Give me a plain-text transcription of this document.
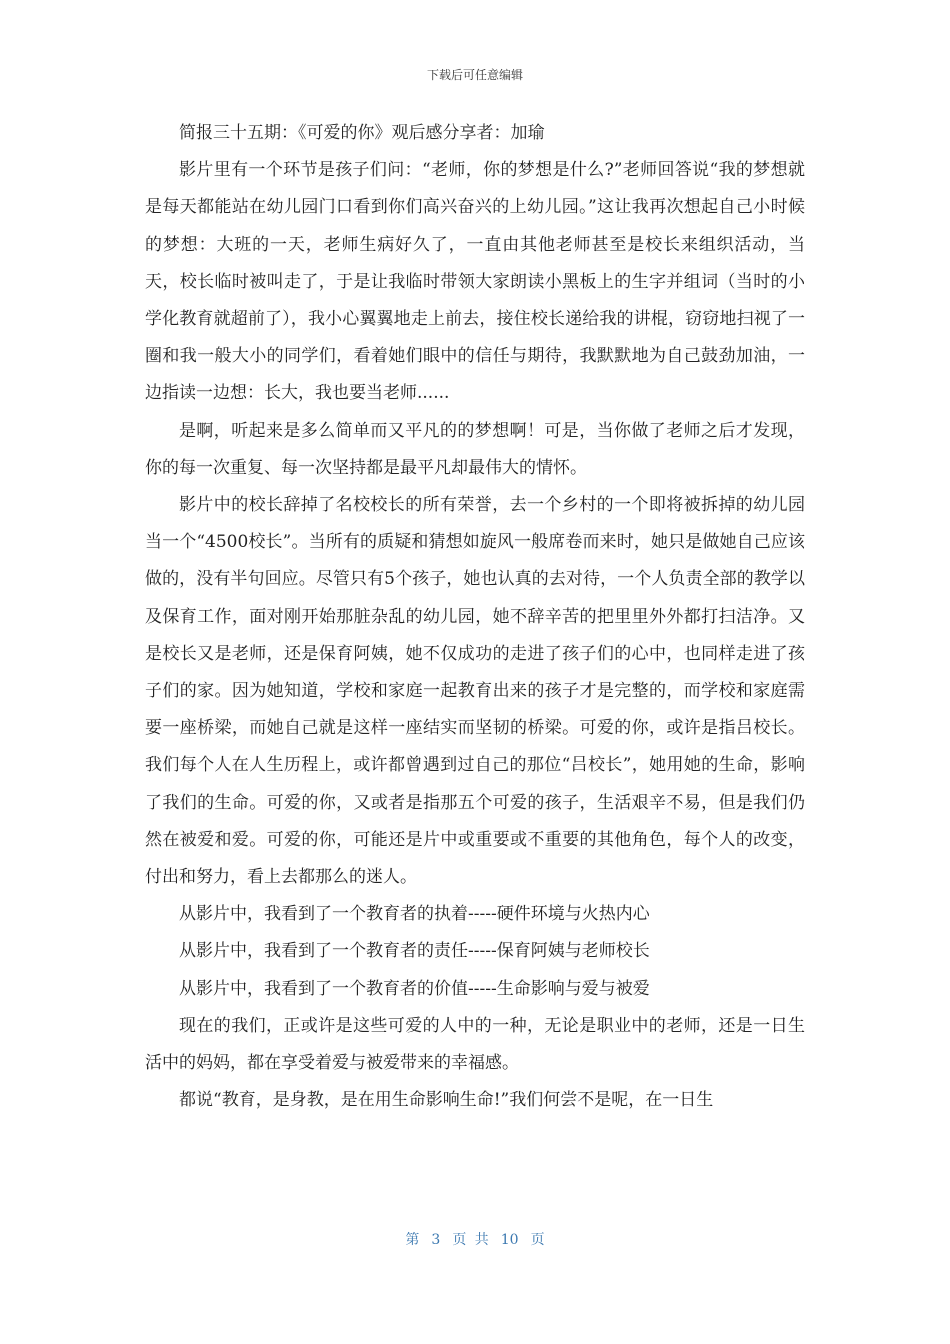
下载后可任意编辑

简报三十五期：《可爱的你》观后感分享者：加瑜

影片里有一个环节是孩子们问：“老师，你的梦想是什么?”老师回答说“我的梦想就是每天都能站在幼儿园门口看到你们高兴奋兴的上幼儿园。”这让我再次想起自己小时候的梦想：大班的一天，老师生病好久了，一直由其他老师甚至是校长来组织活动，当天，校长临时被叫走了，于是让我临时带领大家朗读小黑板上的生字并组词（当时的小学化教育就超前了），我小心翼翼地走上前去，接住校长递给我的讲棍，窃窃地扫视了一圈和我一般大小的同学们，看着她们眼中的信任与期待，我默默地为自己鼓劲加油，一边指读一边想：长大，我也要当老师......

是啊，听起来是多么简单而又平凡的的梦想啊！可是，当你做了老师之后才发现，你的每一次重复、每一次坚持都是最平凡却最伟大的情怀。

影片中的校长辞掉了名校校长的所有荣誉，去一个乡村的一个即将被拆掉的幼儿园当一个“4500校长”。当所有的质疑和猜想如旋风一般席卷而来时，她只是做她自己应该做的，没有半句回应。尽管只有5个孩子，她也认真的去对待，一个人负责全部的教学以及保育工作，面对刚开始那脏杂乱的幼儿园，她不辞辛苦的把里里外外都打扫洁净。又是校长又是老师，还是保育阿姨，她不仅成功的走进了孩子们的心中，也同样走进了孩子们的家。因为她知道，学校和家庭一起教育出来的孩子才是完整的，而学校和家庭需要一座桥梁，而她自己就是这样一座结实而坚韧的桥梁。可爱的你，或许是指吕校长。我们每个人在人生历程上，或许都曾遇到过自己的那位“吕校长”，她用她的生命，影响了我们的生命。可爱的你，又或者是指那五个可爱的孩子，生活艰辛不易，但是我们仍然在被爱和爱。可爱的你，可能还是片中或重要或不重要的其他角色，每个人的改变，付出和努力，看上去都那么的迷人。

从影片中，我看到了一个教育者的执着-----硬件环境与火热内心

从影片中，我看到了一个教育者的责任-----保育阿姨与老师校长

从影片中，我看到了一个教育者的价值-----生命影响与爱与被爱

现在的我们，正或许是这些可爱的人中的一种，无论是职业中的老师，还是一日生活中的妈妈，都在享受着爱与被爱带来的幸福感。

都说“教育，是身教，是在用生命影响生命!”我们何尝不是呢，在一日生

第 3 页 共 10 页
